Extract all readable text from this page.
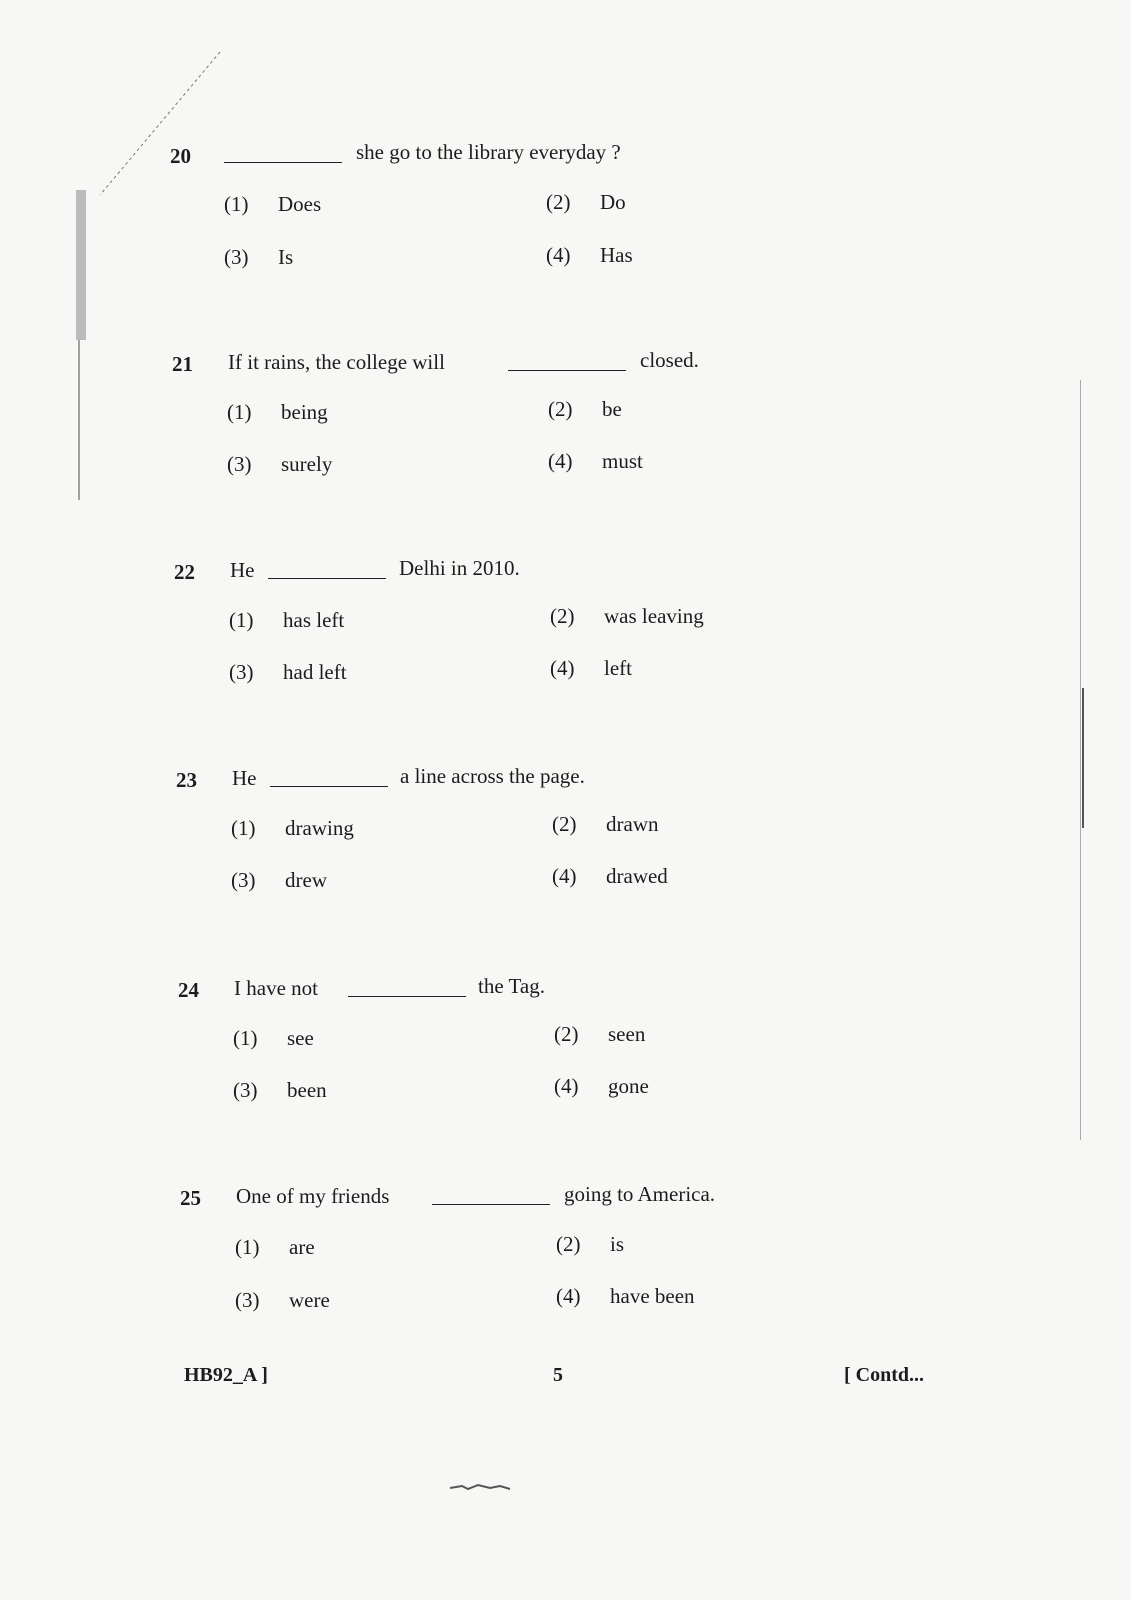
20	she go to the library everyday ?
(1) Does	(2) Do
(3) Is	(4) Has
21 If it rains, the college will	closed.
(1) being	(2) be
(3) surely	(4) must
22 He	Delhi in 2010.
(1) has left	(2) was leaving
(3) had left	(4) left
23 He	a line across the page.
(1) drawing	(2) drawn
(3) drew	(4) drawed
24 I have not	the Tag.
(1) see	(2) seen
(3) been	(4) gone
25 One of my friends	going to America.
(1) are	(2) is
(3) were	(4) have been
HB92_A ]	5	[ Contd...
